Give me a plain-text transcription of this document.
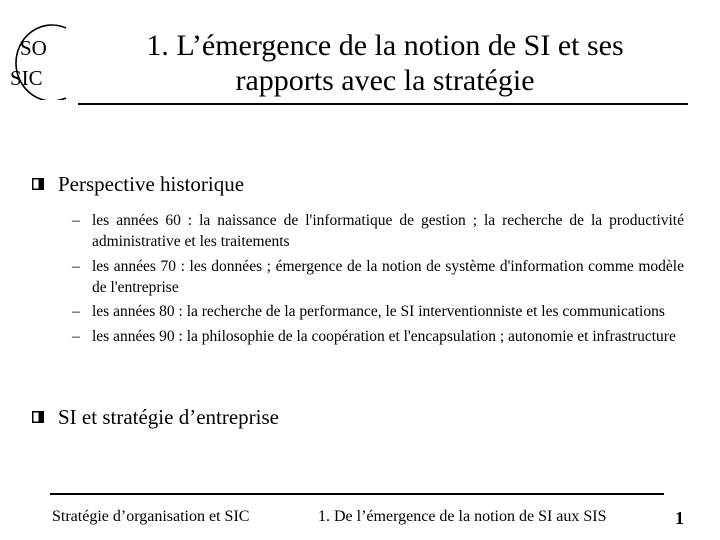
SO
SIC
1. L’émergence de la notion de SI et ses
rapports avec la stratégie
Perspective historique
– les années 60 : la naissance de l'informatique de gestion ; la recherche de la productivité administrative et les traitements
– les années 70 : les données ; émergence de la notion de système d'information comme modèle de l'entreprise
– les années 80 : la recherche de la performance, le SI interventionniste et les communications
– les années 90 : la philosophie de la coopération et l'encapsulation ; autonomie et infrastructure
SI et stratégie d’entreprise
Stratégie d’organisation et SIC	1. De l’émergence de la notion de SI aux SIS	1
